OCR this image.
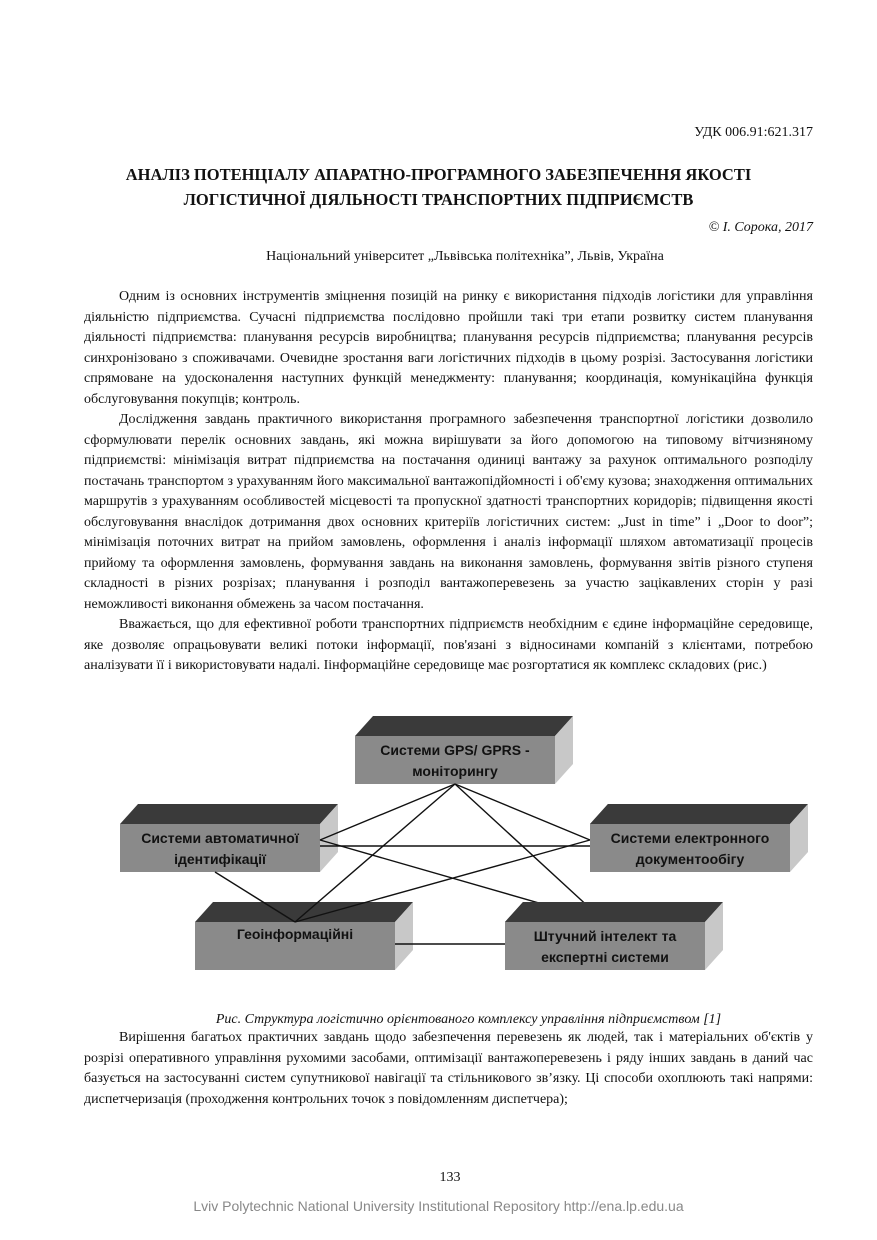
УДК 006.91:621.317
АНАЛІЗ ПОТЕНЦІАЛУ АПАРАТНО-ПРОГРАМНОГО ЗАБЕЗПЕЧЕННЯ ЯКОСТІ
ЛОГІСТИЧНОЇ ДІЯЛЬНОСТІ ТРАНСПОРТНИХ ПІДПРИЄМСТВ
© І. Сорока, 2017
Національний університет „Львівська політехніка”, Львів, Україна

Одним із основних інструментів зміцнення позицій на ринку є використання підходів логістики для управління діяльністю підприємства. Сучасні підприємства послідовно пройшли такі три етапи розвитку систем планування діяльності підприємства: планування ресурсів виробництва; планування ресурсів підприємства; планування ресурсів синхронізовано з споживачами. Очевидне зростання ваги логістичних підходів в цьому розрізі. Застосування логістики спрямоване на удосконалення наступних функцій менеджменту: планування; координація, комунікаційна функція обслуговування покупців; контроль.

Дослідження завдань практичного використання програмного забезпечення транспортної логістики дозволило сформулювати перелік основних завдань, які можна вирішувати за його допомогою на типовому вітчизняному підприємстві: мінімізація витрат підприємства на постачання одиниці вантажу за рахунок оптимального розподілу постачань транспортом з урахуванням його максимальної вантажопідйомності і об'єму кузова; знаходження оптимальних маршрутів з урахуванням особливостей місцевості та пропускної здатності транспортних коридорів; підвищення якості обслуговування внаслідок дотримання двох основних критеріїв логістичних систем: „Just in time” і „Door to door”; мінімізація поточних витрат на прийом замовлень, оформлення і аналіз інформації шляхом автоматизації процесів прийому та оформлення замовлень, формування завдань на виконання замовлень, формування звітів різного ступеня складності в різних розрізах; планування і розподіл вантажоперевезень за участю зацікавлених сторін у разі неможливості виконання обмежень за часом постачання.

Вважається, що для ефективної роботи транспортних підприємств необхідним є єдине інформаційне середовище, яке дозволяє опрацьовувати великі потоки інформації, пов'язані з відносинами компаній з клієнтами, потребою аналізувати її і використовувати надалі. Іінформаційне середовище має розгортатися як комплекс складових (рис.)

Системи GPS/ GPRS -
моніторингу
Системи автоматичної
ідентифікації
Геоінформаційні
Системи електронного
документообігу
Штучний інтелект та
експертні системи
Рис. Структура логістично орієнтованого комплексу управління підприємством [1]

Вирішення багатьох практичних завдань щодо забезпечення перевезень як людей, так і матеріальних об'єктів у розрізі оперативного управління рухомими засобами, оптимізації вантажоперевезень і ряду інших завдань в даний час базується на застосуванні систем супутникової навігації та стільникового зв’язку. Ці способи охоплюють такі напрями: диспетчеризація (проходження контрольних точок з повідомленням диспетчера);

133
Lviv Polytechnic National University Institutional Repository http://ena.lp.edu.ua
